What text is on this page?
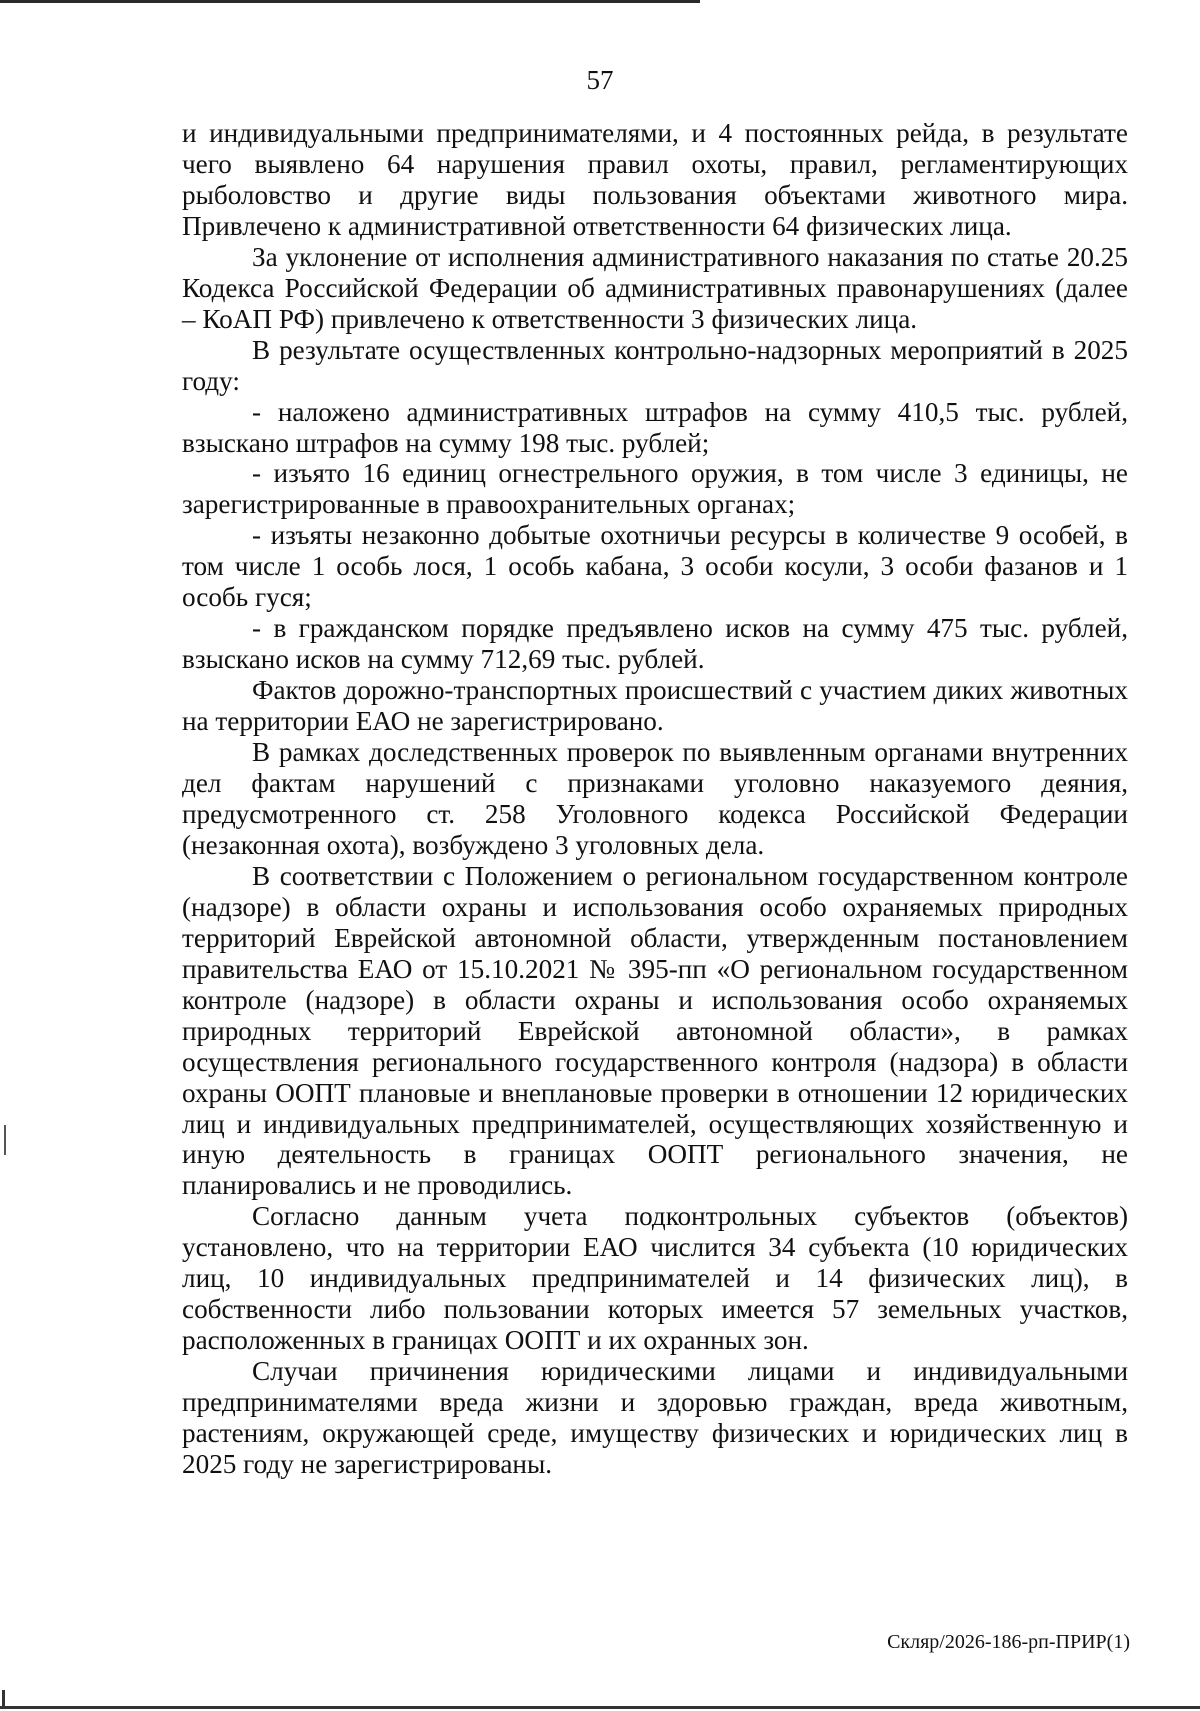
57

и индивидуальными предпринимателями, и 4 постоянных рейда, в результате чего выявлено 64 нарушения правил охоты, правил, регламентирующих рыболовство и другие виды пользования объектами животного мира. Привлечено к административной ответственности 64 физических лица.

За уклонение от исполнения административного наказания по статье 20.25 Кодекса Российской Федерации об административных правонарушениях (далее – КоАП РФ) привлечено к ответственности 3 физических лица.

В результате осуществленных контрольно-надзорных мероприятий в 2025 году:

- наложено административных штрафов на сумму 410,5 тыс. рублей, взыскано штрафов на сумму 198 тыс. рублей;

- изъято 16 единиц огнестрельного оружия, в том числе 3 единицы, не зарегистрированные в правоохранительных органах;

- изъяты незаконно добытые охотничьи ресурсы в количестве 9 особей, в том числе 1 особь лося, 1 особь кабана, 3 особи косули, 3 особи фазанов и 1 особь гуся;

- в гражданском порядке предъявлено исков на сумму 475 тыс. рублей, взыскано исков на сумму 712,69 тыс. рублей.

Фактов дорожно-транспортных происшествий с участием диких животных на территории ЕАО не зарегистрировано.

В рамках доследственных проверок по выявленным органами внутренних дел фактам нарушений с признаками уголовно наказуемого деяния, предусмотренного ст. 258 Уголовного кодекса Российской Федерации (незаконная охота), возбуждено 3 уголовных дела.

В соответствии с Положением о региональном государственном контроле (надзоре) в области охраны и использования особо охраняемых природных территорий Еврейской автономной области, утвержденным постановлением правительства ЕАО от 15.10.2021 № 395-пп «О региональном государственном контроле (надзоре) в области охраны и использования особо охраняемых природных территорий Еврейской автономной области», в рамках осуществления регионального государственного контроля (надзора) в области охраны ООПТ плановые и внеплановые проверки в отношении 12 юридических лиц и индивидуальных предпринимателей, осуществляющих хозяйственную и иную деятельность в границах ООПТ регионального значения, не планировались и не проводились.

Согласно данным учета подконтрольных субъектов (объектов) установлено, что на территории ЕАО числится 34 субъекта (10 юридических лиц, 10 индивидуальных предпринимателей и 14 физических лиц), в собственности либо пользовании которых имеется 57 земельных участков, расположенных в границах ООПТ и их охранных зон.

Случаи причинения юридическими лицами и индивидуальными предпринимателями вреда жизни и здоровью граждан, вреда животным, растениям, окружающей среде, имуществу физических и юридических лиц в 2025 году не зарегистрированы.

Скляр/2026-186-рп-ПРИР(1)
